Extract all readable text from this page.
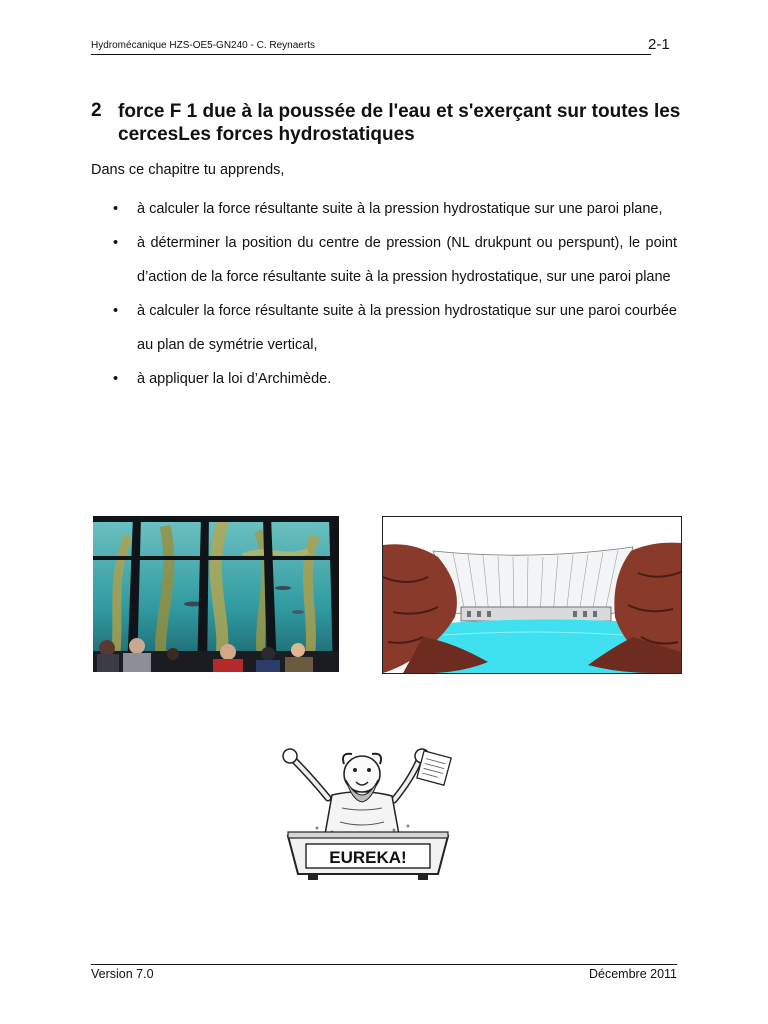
Hydromécanique HZS-OE5-GN240 - C. Reynaerts	2-1
2 force F 1 due à la poussée de l'eau et s'exerçant sur toutes les cercesLes forces hydrostatiques
Dans ce chapitre tu apprends,
• à calculer la force résultante suite à la pression hydrostatique sur une paroi plane,
• à déterminer la position du centre de pression (NL drukpunt ou perspunt), le point d’action de la force résultante suite à la pression hydrostatique, sur une paroi plane
• à calculer la force résultante suite à la pression hydrostatique sur une paroi courbée au plan de symétrie vertical,
• à appliquer la loi d’Archimède.
EUREKA!
Version 7.0	Décembre 2011
